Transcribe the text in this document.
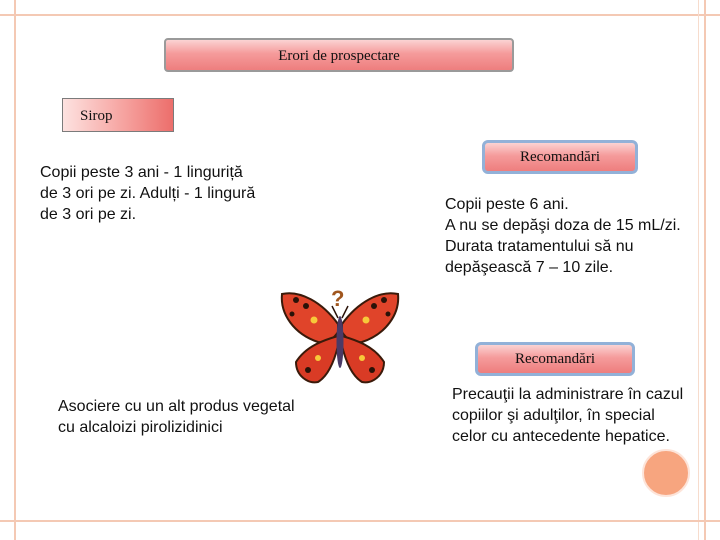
Erori de prospectare
Sirop

Copii peste 3 ani - 1 linguriță de 3 ori pe zi. Adulți - 1 lingură de 3 ori pe zi.

Recomandări

Copii peste 6 ani.
A nu se depăşi doza de 15 mL/zi.
Durata tratamentului să nu depăşească 7 – 10 zile.

?
Recomandări

Asociere cu un alt produs vegetal cu alcaloizi pirolizidinici

Precauţii la administrare în cazul copiilor şi adulţilor, în special celor cu antecedente hepatice.
